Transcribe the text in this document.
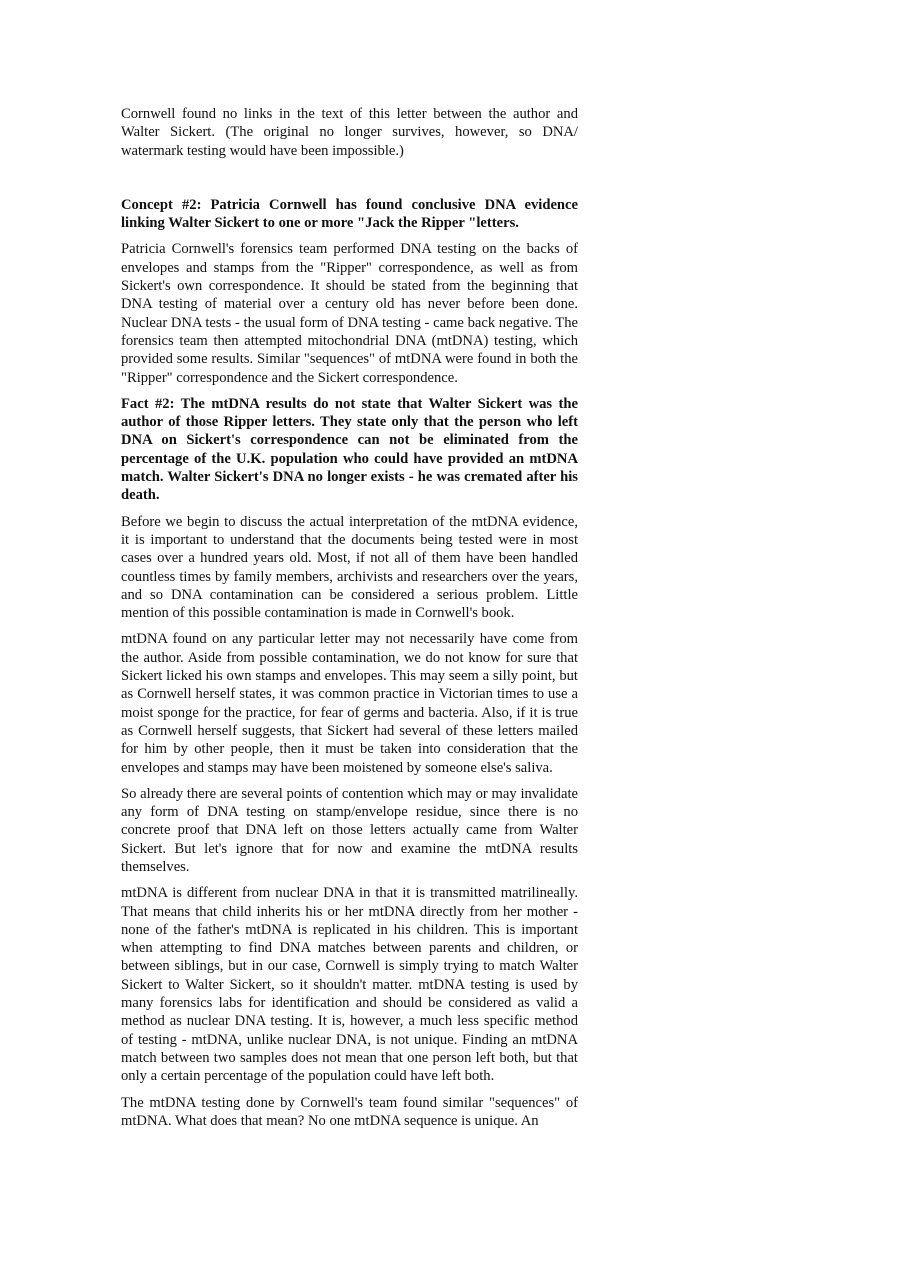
Cornwell found no links in the text of this letter between the author and Walter Sickert. (The original no longer survives, however, so DNA/ watermark testing would have been impossible.)

Concept #2: Patricia Cornwell has found conclusive DNA evidence linking Walter Sickert to one or more "Jack the Ripper "letters.

Patricia Cornwell's forensics team performed DNA testing on the backs of envelopes and stamps from the "Ripper" correspondence, as well as from Sickert's own correspondence. It should be stated from the beginning that DNA testing of material over a century old has never before been done. Nuclear DNA tests - the usual form of DNA testing - came back negative. The forensics team then attempted mitochondrial DNA (mtDNA) testing, which provided some results. Similar "sequences" of mtDNA were found in both the "Ripper" correspondence and the Sickert correspondence.

Fact #2: The mtDNA results do not state that Walter Sickert was the author of those Ripper letters. They state only that the person who left DNA on Sickert's correspondence can not be eliminated from the percentage of the U.K. population who could have provided an mtDNA match. Walter Sickert's DNA no longer exists - he was cremated after his death.

Before we begin to discuss the actual interpretation of the mtDNA evidence, it is important to understand that the documents being tested were in most cases over a hundred years old. Most, if not all of them have been handled countless times by family members, archivists and researchers over the years, and so DNA contamination can be considered a serious problem. Little mention of this possible contamination is made in Cornwell's book.

mtDNA found on any particular letter may not necessarily have come from the author. Aside from possible contamination, we do not know for sure that Sickert licked his own stamps and envelopes. This may seem a silly point, but as Cornwell herself states, it was common practice in Victorian times to use a moist sponge for the practice, for fear of germs and bacteria. Also, if it is true as Cornwell herself suggests, that Sickert had several of these letters mailed for him by other people, then it must be taken into consideration that the envelopes and stamps may have been moistened by someone else's saliva.

So already there are several points of contention which may or may invalidate any form of DNA testing on stamp/envelope residue, since there is no concrete proof that DNA left on those letters actually came from Walter Sickert. But let's ignore that for now and examine the mtDNA results themselves.

mtDNA is different from nuclear DNA in that it is transmitted matrilineally. That means that child inherits his or her mtDNA directly from her mother - none of the father's mtDNA is replicated in his children. This is important when attempting to find DNA matches between parents and children, or between siblings, but in our case, Cornwell is simply trying to match Walter Sickert to Walter Sickert, so it shouldn't matter. mtDNA testing is used by many forensics labs for identification and should be considered as valid a method as nuclear DNA testing. It is, however, a much less specific method of testing - mtDNA, unlike nuclear DNA, is not unique. Finding an mtDNA match between two samples does not mean that one person left both, but that only a certain percentage of the population could have left both.

The mtDNA testing done by Cornwell's team found similar "sequences" of mtDNA. What does that mean? No one mtDNA sequence is unique. An
